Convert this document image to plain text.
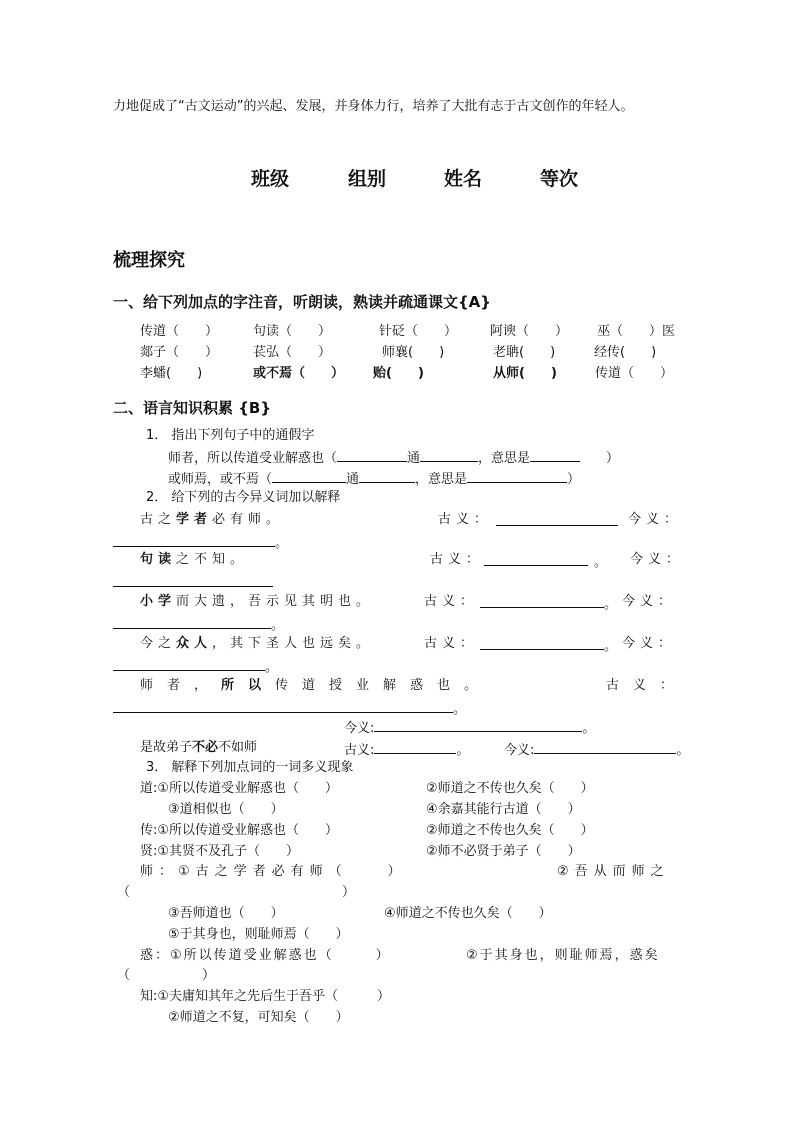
力地促成了“古文运动”的兴起、发展，并身体力行，培养了大批有志于古文创作的年轻人。
班级	组别	姓名	等次
梳理探究
一、给下列加点的字注音，听朗读，熟读并疏通课文{A}
传道（　　）	句读（　　）	针砭（　　）	阿谀（　　） 巫（　　）医
郯子（　　）	苌弘（　　）	师襄(　　)	老聃(　　)	经传(　　)
李蟠(　　)	或不焉（　　） 贻(　　)	从师(　　)	传道（　　）
二、语言知识积累 {B}
1． 指出下列句子中的通假字
师者，所以传道受业解惑也（	通	，意思是	）
或师焉，或不焉（	通	，意思是	）
2． 给下列的古今异义词加以解释
古之学者必有师。	古义：	今义：
。
句读之不知。	古义：	。 今义：
小学而大遗，吾示见其明也。	古义：	。 今义：
。
今之众人，其下圣人也远矣。	古义：	。 今义：
。
师者，所以传道授业解惑也。	古义：
。
今义:	。
是故弟子不必不如师	古义:	。	今义:	。
3． 解释下列加点词的一词多义现象
道:①所以传道受业解惑也（　　）	②师道之不传也久矣（　　）
③道相似也（　　）	④余嘉其能行古道（　　）
传:①所以传道受业解惑也（　　）	②师道之不传也久矣（　　）
贤:①其贤不及孔子（　　）	②师不必贤于弟子（　　）
师：①古之学者必有师（	）	②吾从而师之
（	）
③吾师道也（　　）	④师道之不传也久矣（　　）
⑤于其身也，则耻师焉（　　）
惑：①所以传道受业解惑也（	）	②于其身也，则耻师焉，惑矣
（	）
知:①夫庸知其年之先后生于吾乎（　　　）
②师道之不复，可知矣（　　）
